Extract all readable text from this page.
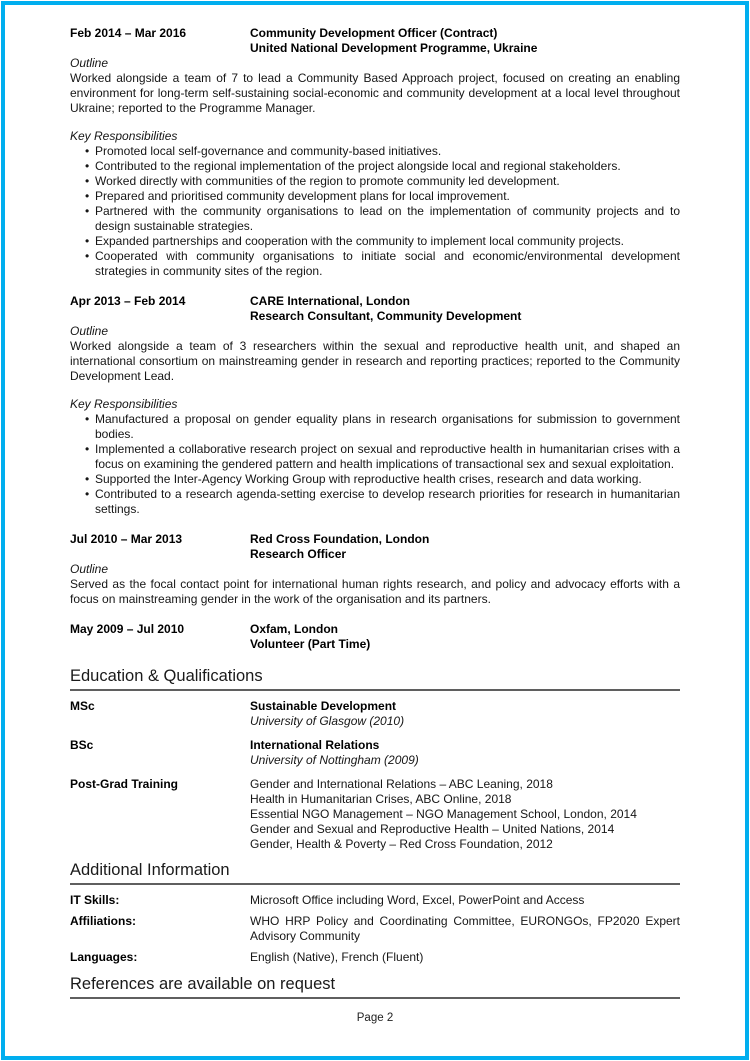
Feb 2014 – Mar 2016	Community Development Officer (Contract)
United National Development Programme, Ukraine
Outline

Worked alongside a team of 7 to lead a Community Based Approach project, focused on creating an enabling environment for long-term self-sustaining social-economic and community development at a local level throughout Ukraine; reported to the Programme Manager.

Key Responsibilities
• Promoted local self-governance and community-based initiatives.
• Contributed to the regional implementation of the project alongside local and regional stakeholders.
• Worked directly with communities of the region to promote community led development.
• Prepared and prioritised community development plans for local improvement.
• Partnered with the community organisations to lead on the implementation of community projects and to design sustainable strategies.
• Expanded partnerships and cooperation with the community to implement local community projects.
• Cooperated with community organisations to initiate social and economic/environmental development strategies in community sites of the region.
Apr 2013 – Feb 2014	CARE International, London
Research Consultant, Community Development
Outline

Worked alongside a team of 3 researchers within the sexual and reproductive health unit, and shaped an international consortium on mainstreaming gender in research and reporting practices; reported to the Community Development Lead.

Key Responsibilities
• Manufactured a proposal on gender equality plans in research organisations for submission to government bodies.
• Implemented a collaborative research project on sexual and reproductive health in humanitarian crises with a focus on examining the gendered pattern and health implications of transactional sex and sexual exploitation.
• Supported the Inter-Agency Working Group with reproductive health crises, research and data working.
• Contributed to a research agenda-setting exercise to develop research priorities for research in humanitarian settings.
Jul 2010 – Mar 2013	Red Cross Foundation, London
Research Officer
Outline

Served as the focal contact point for international human rights research, and policy and advocacy efforts with a focus on mainstreaming gender in the work of the organisation and its partners.

May 2009 – Jul 2010	Oxfam, London
Volunteer (Part Time)
Education & Qualifications
MSc	Sustainable Development
University of Glasgow (2010)
BSc	International Relations
University of Nottingham (2009)
Post-Grad Training	Gender and International Relations – ABC Leaning, 2018
Health in Humanitarian Crises, ABC Online, 2018
Essential NGO Management – NGO Management School, London, 2014
Gender and Sexual and Reproductive Health – United Nations, 2014
Gender, Health & Poverty – Red Cross Foundation, 2012
Additional Information
IT Skills:	Microsoft Office including Word, Excel, PowerPoint and Access
Affiliations:	WHO HRP Policy and Coordinating Committee, EURONGOs, FP2020 Expert Advisory Community
Languages:	English (Native), French (Fluent)
References are available on request
Page 2
